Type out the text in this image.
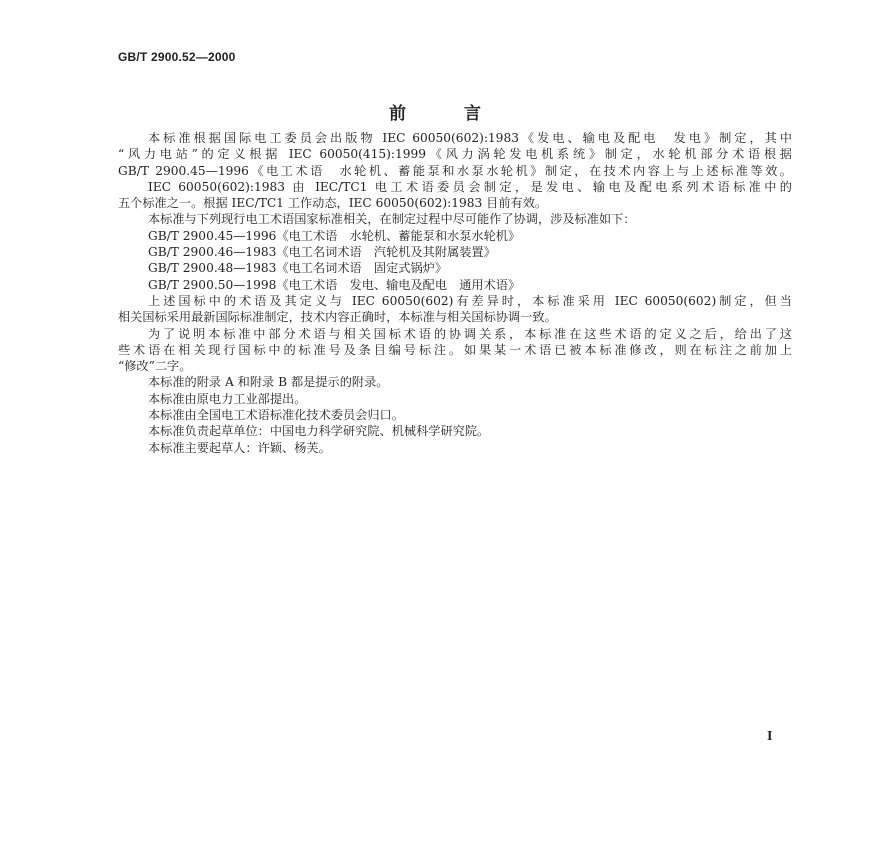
GB/T 2900.52—2000
前 言
本标准根据国际电工委员会出版物 IEC 60050(602):1983《发电、输电及配电　发电》制定，其中
“风力电站”的定义根据 IEC 60050(415):1999《风力涡轮发电机系统》制定，水轮机部分术语根据
GB/T 2900.45—1996《电工术语　水轮机、蓄能泵和水泵水轮机》制定，在技术内容上与上述标准等效。
IEC 60050(602):1983 由 IEC/TC1 电工术语委员会制定，是发电、输电及配电系列术语标准中的
五个标准之一。根据 IEC/TC1 工作动态，IEC 60050(602):1983 目前有效。
本标准与下列现行电工术语国家标准相关，在制定过程中尽可能作了协调，涉及标准如下：
GB/T 2900.45—1996《电工术语　水轮机、蓄能泵和水泵水轮机》
GB/T 2900.46—1983《电工名词术语　汽轮机及其附属装置》
GB/T 2900.48—1983《电工名词术语　固定式锅炉》
GB/T 2900.50—1998《电工术语　发电、输电及配电　通用术语》
上述国标中的术语及其定义与 IEC 60050(602)有差异时，本标准采用 IEC 60050(602)制定，但当
相关国标采用最新国际标准制定，技术内容正确时，本标准与相关国标协调一致。
为了说明本标准中部分术语与相关国标术语的协调关系，本标准在这些术语的定义之后，给出了这
些术语在相关现行国标中的标准号及条目编号标注。如果某一术语已被本标准修改，则在标注之前加上
“修改”二字。
本标准的附录 A 和附录 B 都是提示的附录。
本标准由原电力工业部提出。
本标准由全国电工术语标准化技术委员会归口。
本标准负责起草单位：中国电力科学研究院、机械科学研究院。
本标准主要起草人：许颖、杨芙。
I
